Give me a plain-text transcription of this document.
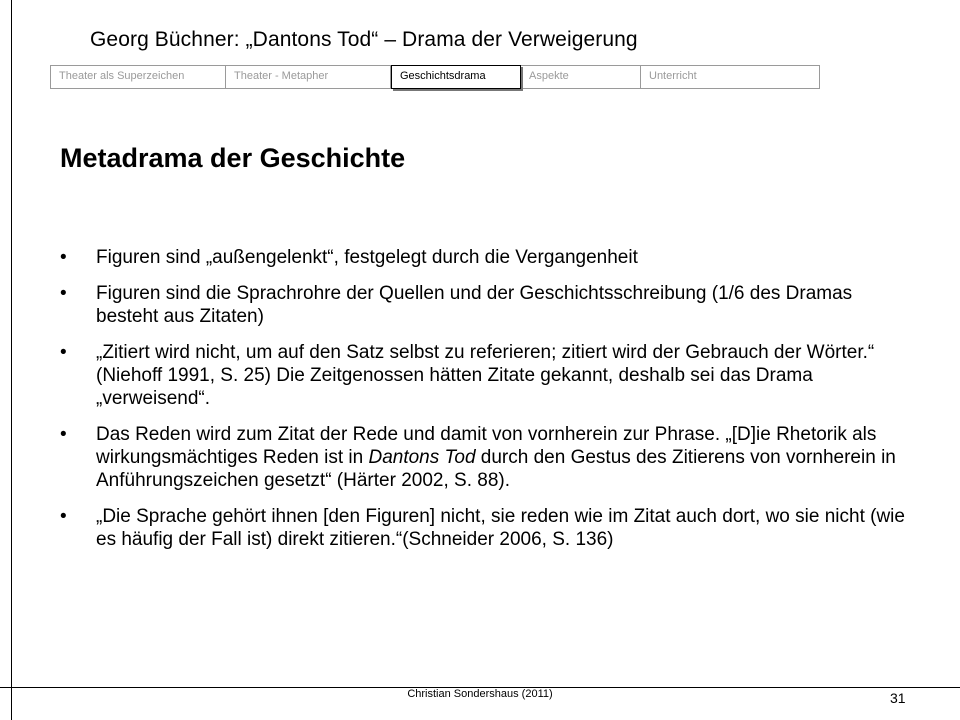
Georg Büchner: „Dantons Tod“ – Drama der Verweigerung
Theater als Superzeichen	Theater - Metapher	Geschichtsdrama	Aspekte	Unterricht
Metadrama der Geschichte
• Figuren sind „außengelenkt“, festgelegt durch die Vergangenheit
• Figuren sind die Sprachrohre der Quellen und der Geschichtsschreibung (1/6 des Dramas besteht aus Zitaten)
• „Zitiert wird nicht, um auf den Satz selbst zu referieren; zitiert wird der Gebrauch der Wörter.“ (Niehoff 1991, S. 25) Die Zeitgenossen hätten Zitate gekannt, deshalb sei das Drama „verweisend“.
• Das Reden wird zum Zitat der Rede und damit von vornherein zur Phrase. „[D]ie Rhetorik als wirkungsmächtiges Reden ist in Dantons Tod durch den Gestus des Zitierens von vornherein in Anführungszeichen gesetzt“ (Härter 2002, S. 88).
• „Die Sprache gehört ihnen [den Figuren] nicht, sie reden wie im Zitat auch dort, wo sie nicht (wie es häufig der Fall ist) direkt zitieren.“(Schneider 2006, S. 136)
Christian Sondershaus (2011)	31
